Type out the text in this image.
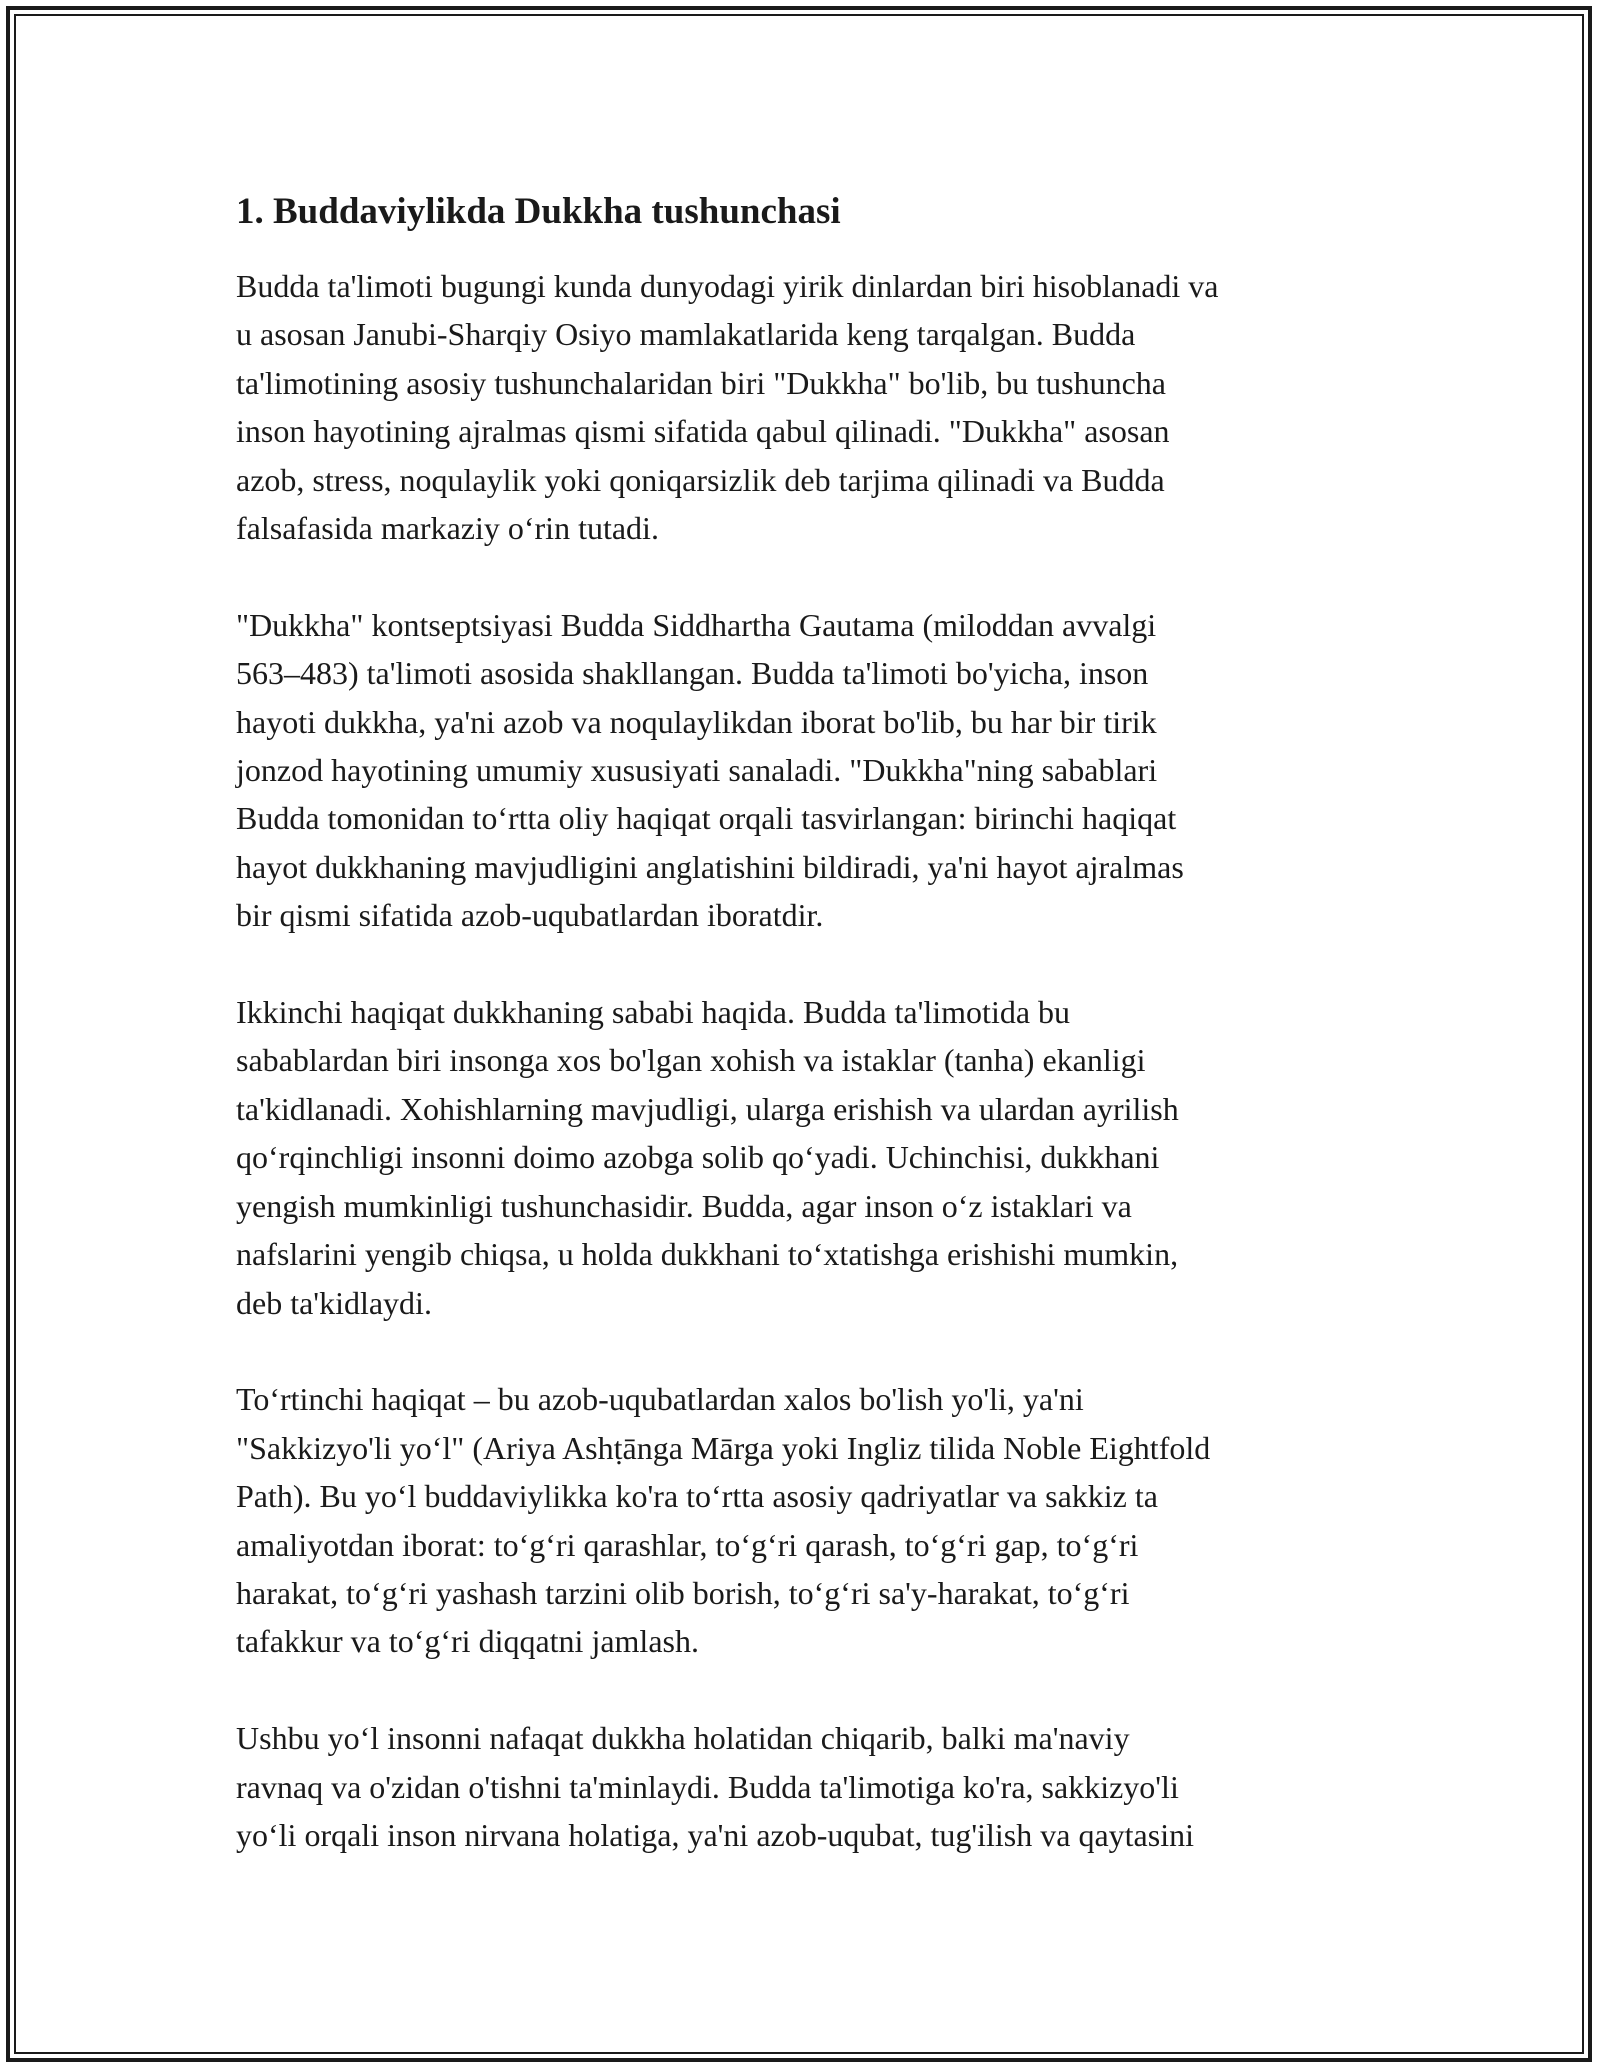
1. Buddaviylikda Dukkha tushunchasi
Budda ta'limoti bugungi kunda dunyodagi yirik dinlardan biri hisoblanadi va
u asosan Janubi-Sharqiy Osiyo mamlakatlarida keng tarqalgan. Budda
ta'limotining asosiy tushunchalaridan biri "Dukkha" bo'lib, bu tushuncha
inson hayotining ajralmas qismi sifatida qabul qilinadi. "Dukkha" asosan
azob, stress, noqulaylik yoki qoniqarsizlik deb tarjima qilinadi va Budda
falsafasida markaziy o‘rin tutadi.
"Dukkha" kontseptsiyasi Budda Siddhartha Gautama (miloddan avvalgi
563–483) ta'limoti asosida shakllangan. Budda ta'limoti bo'yicha, inson
hayoti dukkha, ya'ni azob va noqulaylikdan iborat bo'lib, bu har bir tirik
jonzod hayotining umumiy xususiyati sanaladi. "Dukkha"ning sabablari
Budda tomonidan to‘rtta oliy haqiqat orqali tasvirlangan: birinchi haqiqat
hayot dukkhaning mavjudligini anglatishini bildiradi, ya'ni hayot ajralmas
bir qismi sifatida azob-uqubatlardan iboratdir.
Ikkinchi haqiqat dukkhaning sababi haqida. Budda ta'limotida bu
sabablardan biri insonga xos bo'lgan xohish va istaklar (tanha) ekanligi
ta'kidlanadi. Xohishlarning mavjudligi, ularga erishish va ulardan ayrilish
qo‘rqinchligi insonni doimo azobga solib qo‘yadi. Uchinchisi, dukkhani
yengish mumkinligi tushunchasidir. Budda, agar inson o‘z istaklari va
nafslarini yengib chiqsa, u holda dukkhani to‘xtatishga erishishi mumkin,
deb ta'kidlaydi.
To‘rtinchi haqiqat – bu azob-uqubatlardan xalos bo'lish yo'li, ya'ni
"Sakkizyo'li yo‘l" (Ariya Ashṭānga Mārga yoki Ingliz tilida Noble Eightfold
Path). Bu yo‘l buddaviylikka ko'ra to‘rtta asosiy qadriyatlar va sakkiz ta
amaliyotdan iborat: to‘g‘ri qarashlar, to‘g‘ri qarash, to‘g‘ri gap, to‘g‘ri
harakat, to‘g‘ri yashash tarzini olib borish, to‘g‘ri sa'y-harakat, to‘g‘ri
tafakkur va to‘g‘ri diqqatni jamlash.
Ushbu yo‘l insonni nafaqat dukkha holatidan chiqarib, balki ma'naviy
ravnaq va o'zidan o'tishni ta'minlaydi. Budda ta'limotiga ko'ra, sakkizyo'li
yo‘li orqali inson nirvana holatiga, ya'ni azob-uqubat, tug'ilish va qaytasini
